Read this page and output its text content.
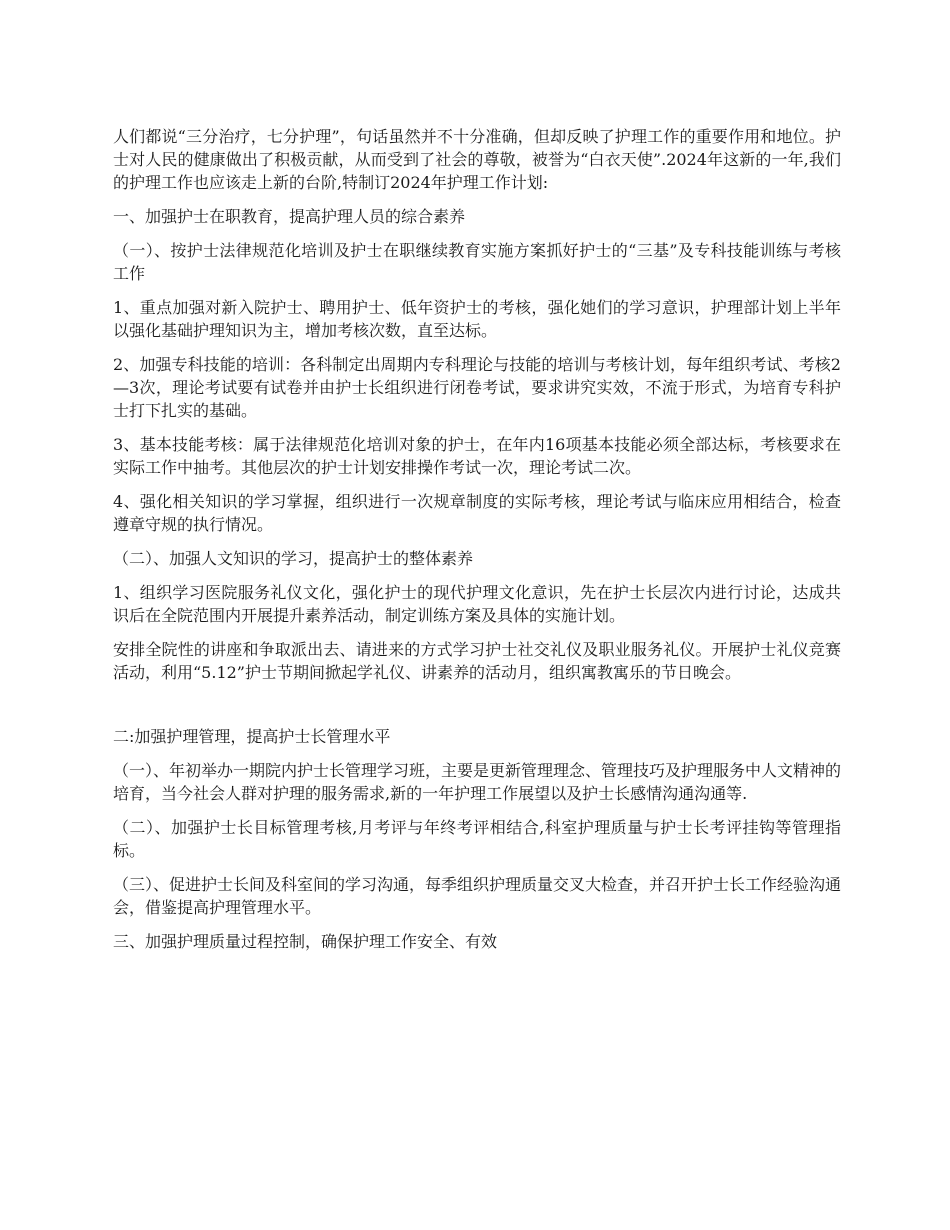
人们都说“三分治疗，七分护理”，句话虽然并不十分准确，但却反映了护理工作的重要作用和地位。护士对人民的健康做出了积极贡献，从而受到了社会的尊敬，被誉为“白衣天使”.2024年这新的一年,我们的护理工作也应该走上新的台阶,特制订2024年护理工作计划:

一、加强护士在职教育，提高护理人员的综合素养

（一）、按护士法律规范化培训及护士在职继续教育实施方案抓好护士的“三基”及专科技能训练与考核工作

1、重点加强对新入院护士、聘用护士、低年资护士的考核，强化她们的学习意识，护理部计划上半年以强化基础护理知识为主，增加考核次数，直至达标。

2、加强专科技能的培训：各科制定出周期内专科理论与技能的培训与考核计划，每年组织考试、考核2—3次，理论考试要有试卷并由护士长组织进行闭卷考试，要求讲究实效，不流于形式，为培育专科护士打下扎实的基础。

3、基本技能考核：属于法律规范化培训对象的护士，在年内16项基本技能必须全部达标，考核要求在实际工作中抽考。其他层次的护士计划安排操作考试一次，理论考试二次。

4、强化相关知识的学习掌握，组织进行一次规章制度的实际考核，理论考试与临床应用相结合，检查遵章守规的执行情况。

（二）、加强人文知识的学习，提高护士的整体素养

1、组织学习医院服务礼仪文化，强化护士的现代护理文化意识，先在护士长层次内进行讨论，达成共识后在全院范围内开展提升素养活动，制定训练方案及具体的实施计划。

安排全院性的讲座和争取派出去、请进来的方式学习护士社交礼仪及职业服务礼仪。开展护士礼仪竞赛活动，利用“5.12”护士节期间掀起学礼仪、讲素养的活动月，组织寓教寓乐的节日晚会。

二:加强护理管理，提高护士长管理水平

（一）、年初举办一期院内护士长管理学习班，主要是更新管理理念、管理技巧及护理服务中人文精神的培育，当今社会人群对护理的服务需求,新的一年护理工作展望以及护士长感情沟通沟通等.

（二）、加强护士长目标管理考核,月考评与年终考评相结合,科室护理质量与护士长考评挂钩等管理指标。

（三）、促进护士长间及科室间的学习沟通，每季组织护理质量交叉大检查，并召开护士长工作经验沟通会，借鉴提高护理管理水平。

三、加强护理质量过程控制，确保护理工作安全、有效
